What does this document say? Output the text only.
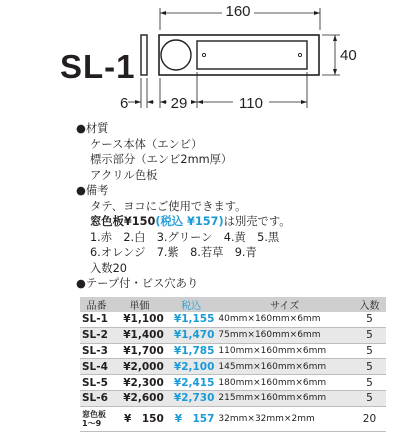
160
40
6	29	110
SL-1
●材質
ケース本体（エンビ）
標示部分（エンビ2mm厚）
アクリル色板
●備考
タテ、ヨコにご使用できます。
窓色板¥150(税込 ¥157)は別売です。
1.赤　2.白　3.グリーン　4.黄　5.黒
6.オレンジ　7.紫　8.若草　9.青
入数20
●テープ付・ビス穴あり
品番	単価	税込	サイズ	入数
SL-1	¥1,100	¥1,155	40mm×160mm×6mm	5
SL-2	¥1,400	¥1,470	75mm×160mm×6mm	5
SL-3	¥1,700	¥1,785	110mm×160mm×6mm	5
SL-4	¥2,000	¥2,100	145mm×160mm×6mm	5
SL-5	¥2,300	¥2,415	180mm×160mm×6mm	5
SL-6	¥2,600	¥2,730	215mm×160mm×6mm	5

窓色板
1〜9	¥　150	¥　157	32mm×32mm×2mm	20
